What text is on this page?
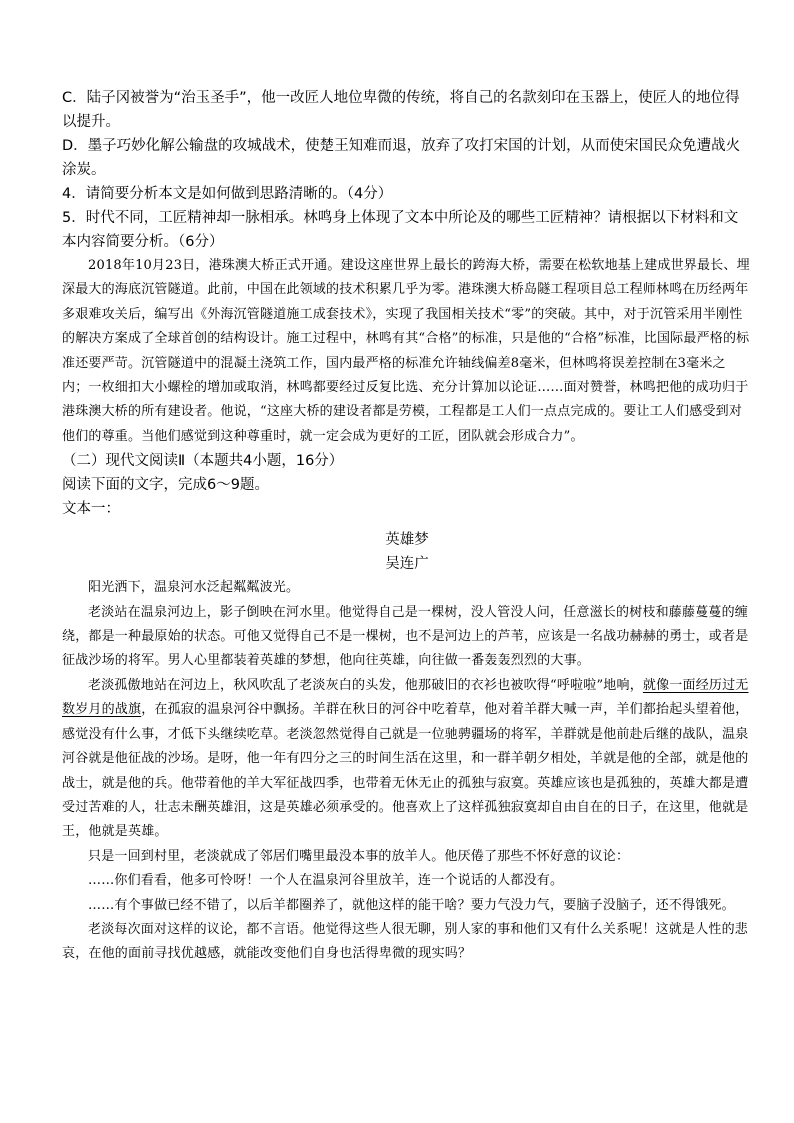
C．陆子冈被誉为“治玉圣手”，他一改匠人地位卑微的传统，将自己的名款刻印在玉器上，使匠人的地位得以提升。

D．墨子巧妙化解公输盘的攻城战术，使楚王知难而退，放弃了攻打宋国的计划，从而使宋国民众免遭战火涂炭。

4．请简要分析本文是如何做到思路清晰的。（4分）

5．时代不同，工匠精神却一脉相承。林鸣身上体现了文本中所论及的哪些工匠精神？请根据以下材料和文本内容简要分析。（6分）

2018年10月23日，港珠澳大桥正式开通。建设这座世界上最长的跨海大桥，需要在松软地基上建成世界最长、埋深最大的海底沉管隧道。此前，中国在此领域的技术积累几乎为零。港珠澳大桥岛隧工程项目总工程师林鸣在历经两年多艰难攻关后，编写出《外海沉管隧道施工成套技术》，实现了我国相关技术“零”的突破。其中，对于沉管采用半刚性的解决方案成了全球首创的结构设计。施工过程中，林鸣有其“合格”的标准，只是他的“合格”标准，比国际最严格的标准还要严苛。沉管隧道中的混凝土浇筑工作，国内最严格的标准允许轴线偏差8毫米，但林鸣将误差控制在3毫米之内；一枚细扣大小螺栓的增加或取消，林鸣都要经过反复比选、充分计算加以论证……面对赞誉，林鸣把他的成功归于港珠澳大桥的所有建设者。他说，“这座大桥的建设者都是劳模，工程都是工人们一点点完成的。要让工人们感受到对他们的尊重。当他们感觉到这种尊重时，就一定会成为更好的工匠，团队就会形成合力”。

（二）现代文阅读Ⅱ（本题共4小题，16分）

阅读下面的文字，完成6～9题。

文本一：

英雄梦

吴连广

阳光洒下，温泉河水泛起粼粼波光。

老淡站在温泉河边上，影子倒映在河水里。他觉得自己是一棵树，没人管没人问，任意滋长的树枝和藤藤蔓蔓的缠绕，都是一种最原始的状态。可他又觉得自己不是一棵树，也不是河边上的芦苇，应该是一名战功赫赫的勇士，或者是征战沙场的将军。男人心里都装着英雄的梦想，他向往英雄，向往做一番轰轰烈烈的大事。

老淡孤傲地站在河边上，秋风吹乱了老淡灰白的头发，他那破旧的衣衫也被吹得“呼啦啦”地响，就像一面经历过无数岁月的战旗，在孤寂的温泉河谷中飘扬。羊群在秋日的河谷中吃着草，他对着羊群大喊一声，羊们都抬起头望着他，感觉没有什么事，才低下头继续吃草。老淡忽然觉得自己就是一位驰骋疆场的将军，羊群就是他前赴后继的战队，温泉河谷就是他征战的沙场。是呀，他一年有四分之三的时间生活在这里，和一群羊朝夕相处，羊就是他的全部，就是他的战士，就是他的兵。他带着他的羊大军征战四季，也带着无休无止的孤独与寂寞。英雄应该也是孤独的，英雄大都是遭受过苦难的人，壮志未酬英雄泪，这是英雄必须承受的。他喜欢上了这样孤独寂寞却自由自在的日子，在这里，他就是王，他就是英雄。

只是一回到村里，老淡就成了邻居们嘴里最没本事的放羊人。他厌倦了那些不怀好意的议论：

……你们看看，他多可怜呀！一个人在温泉河谷里放羊，连一个说话的人都没有。

……有个事做已经不错了，以后羊都圈养了，就他这样的能干啥？要力气没力气，要脑子没脑子，还不得饿死。

老淡每次面对这样的议论，都不言语。他觉得这些人很无聊，别人家的事和他们又有什么关系呢！这就是人性的悲哀，在他的面前寻找优越感，就能改变他们自身也活得卑微的现实吗？
